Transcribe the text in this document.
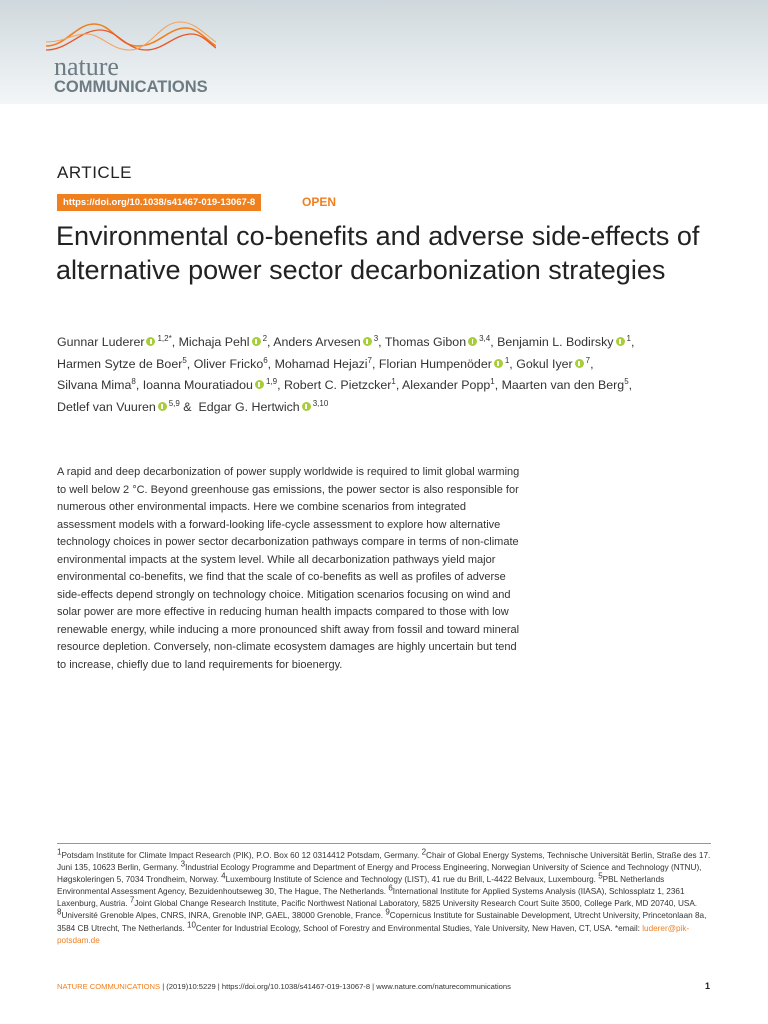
nature
COMMUNICATIONS
ARTICLE
https://doi.org/10.1038/s41467-019-13067-8	OPEN
Environmental co-benefits and adverse side-effects of alternative power sector decarbonization strategies
Gunnar Luderer $^{1,2*}$, Michaja Pehl $^2$, Anders Arvesen $^3$, Thomas Gibon $^{3,4}$, Benjamin L. Bodirsky $^1$,
Harmen Sytze de Boer$^5$, Oliver Fricko$^6$, Mohamad Hejazi$^7$, Florian Humpenöder $^1$, Gokul Iyer $^7$,
Silvana Mima$^8$, Ioanna Mouratiadou $^{1,9}$, Robert C. Pietzcker$^1$, Alexander Popp$^1$, Maarten van den Berg$^5$,
Detlef van Vuuren $^{5,9}$ &  Edgar G. Hertwich $^{3,10}$
A rapid and deep decarbonization of power supply worldwide is required to limit global warming to well below 2 °C. Beyond greenhouse gas emissions, the power sector is also responsible for numerous other environmental impacts. Here we combine scenarios from integrated assessment models with a forward-looking life-cycle assessment to explore how alternative technology choices in power sector decarbonization pathways compare in terms of non-climate environmental impacts at the system level. While all decarbonization pathways yield major environmental co-benefits, we find that the scale of co-benefits as well as profiles of adverse side-effects depend strongly on technology choice. Mitigation scenarios focusing on wind and solar power are more effective in reducing human health impacts compared to those with low renewable energy, while inducing a more pronounced shift away from fossil and toward mineral resource depletion. Conversely, non-climate ecosystem damages are highly uncertain but tend to increase, chiefly due to land requirements for bioenergy.
$^1$Potsdam Institute for Climate Impact Research (PIK), P.O. Box 60 12 0314412 Potsdam, Germany. $^2$Chair of Global Energy Systems, Technische Universität Berlin, Straße des 17. Juni 135, 10623 Berlin, Germany. $^3$Industrial Ecology Programme and Department of Energy and Process Engineering, Norwegian University of Science and Technology (NTNU), Høgskoleringen 5, 7034 Trondheim, Norway. $^4$Luxembourg Institute of Science and Technology (LIST), 41 rue du Brill, L-4422 Belvaux, Luxembourg. $^5$PBL Netherlands Environmental Assessment Agency, Bezuidenhoutseweg 30, The Hague, The Netherlands. $^6$International Institute for Applied Systems Analysis (IIASA), Schlossplatz 1, 2361 Laxenburg, Austria. $^7$Joint Global Change Research Institute, Pacific Northwest National Laboratory, 5825 University Research Court Suite 3500, College Park, MD 20740, USA. $^8$Université Grenoble Alpes, CNRS, INRA, Grenoble INP, GAEL, 38000 Grenoble, France. $^9$Copernicus Institute for Sustainable Development, Utrecht University, Princetonlaan 8a, 3584 CB Utrecht, The Netherlands. $^{10}$Center for Industrial Ecology, School of Forestry and Environmental Studies, Yale University, New Haven, CT, USA. *email: luderer@pik-potsdam.de
NATURE COMMUNICATIONS | (2019)10:5229 | https://doi.org/10.1038/s41467-019-13067-8 | www.nature.com/naturecommunications	1
